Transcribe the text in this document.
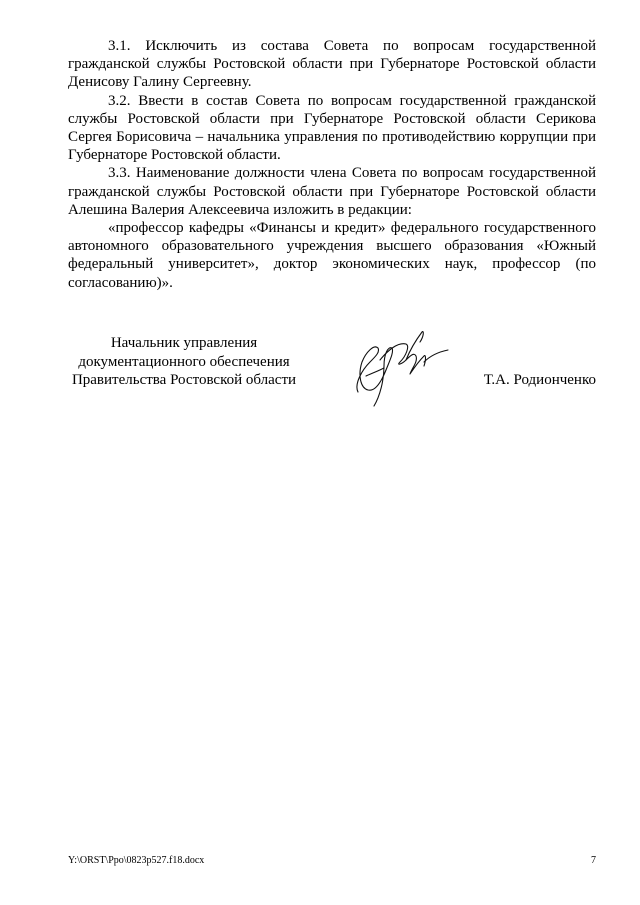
3.1. Исключить из состава Совета по вопросам государственной гражданской службы Ростовской области при Губернаторе Ростовской области Денисову Галину Сергеевну.

3.2. Ввести в состав Совета по вопросам государственной гражданской службы Ростовской области при Губернаторе Ростовской области Серикова Сергея Борисовича – начальника управления по противодействию коррупции при Губернаторе Ростовской области.

3.3. Наименование должности члена Совета по вопросам государственной гражданской службы Ростовской области при Губернаторе Ростовской области Алешина Валерия Алексеевича изложить в редакции:

«профессор кафедры «Финансы и кредит» федерального государственного автономного образовательного учреждения высшего образования «Южный федеральный университет», доктор экономических наук, профессор (по согласованию)».

Начальник управления
документационного обеспечения
Правительства Ростовской области	Т.А. Родионченко
Y:\ORST\Ppo\0823p527.f18.docx	7
